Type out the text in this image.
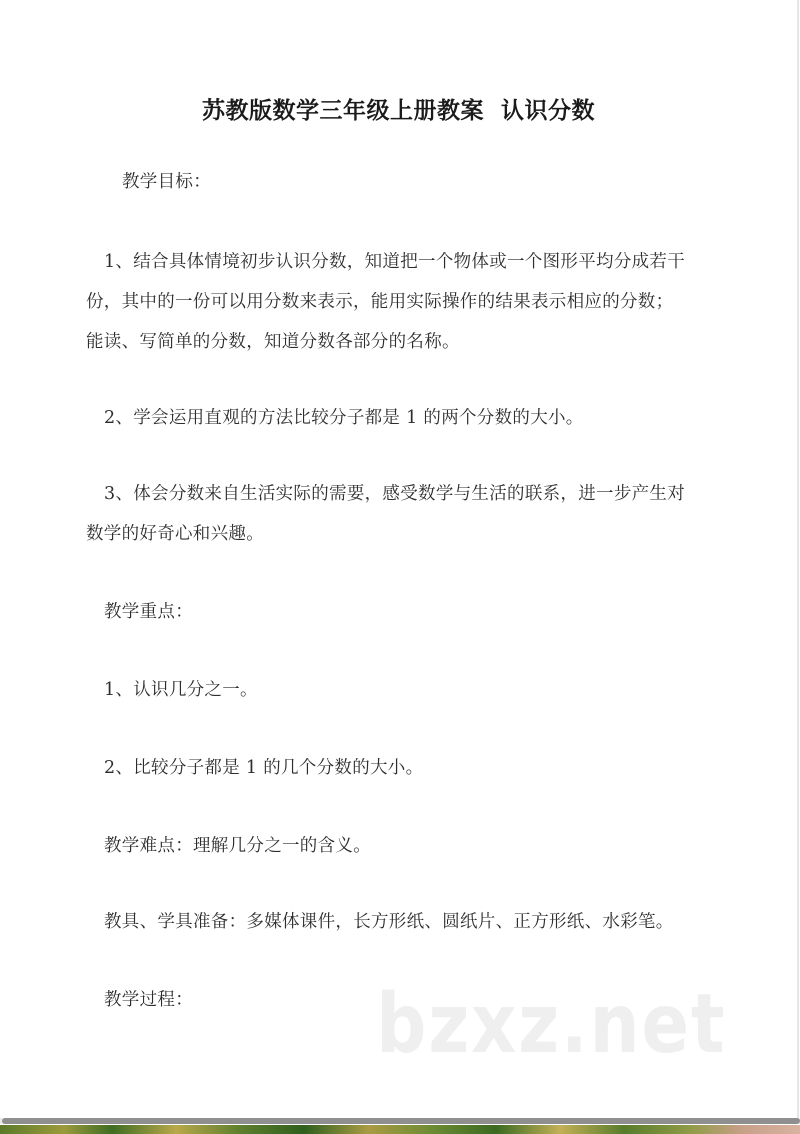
苏教版数学三年级上册教案  认识分数
教学目标：
1、结合具体情境初步认识分数，知道把一个物体或一个图形平均分成若干
份，其中的一份可以用分数来表示，能用实际操作的结果表示相应的分数；
能读、写简单的分数，知道分数各部分的名称。
2、学会运用直观的方法比较分子都是 1 的两个分数的大小。
3、体会分数来自生活实际的需要，感受数学与生活的联系，进一步产生对
数学的好奇心和兴趣。
教学重点：
1、认识几分之一。
2、比较分子都是 1 的几个分数的大小。
教学难点：理解几分之一的含义。
教具、学具准备：多媒体课件，长方形纸、圆纸片、正方形纸、水彩笔。
教学过程： bzxz.net
